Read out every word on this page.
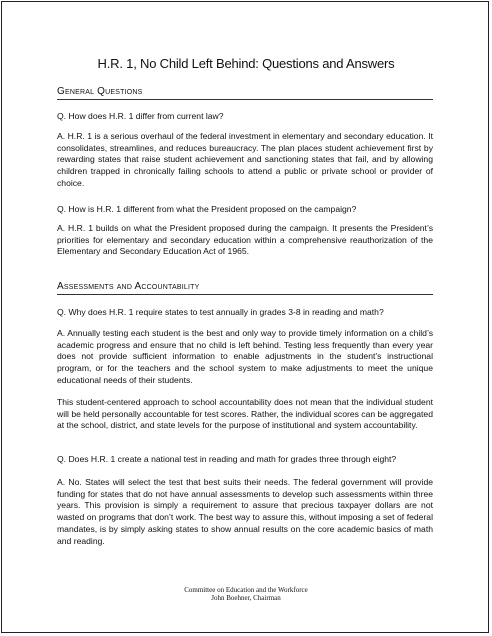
H.R. 1, No Child Left Behind: Questions and Answers
General Questions
Q. How does H.R. 1 differ from current law?
A. H.R. 1 is a serious overhaul of the federal investment in elementary and secondary education. It consolidates, streamlines, and reduces bureaucracy. The plan places student achievement first by rewarding states that raise student achievement and sanctioning states that fail, and by allowing children trapped in chronically failing schools to attend a public or private school or provider of choice.
Q. How is H.R. 1 different from what the President proposed on the campaign?
A. H.R. 1 builds on what the President proposed during the campaign. It presents the President’s priorities for elementary and secondary education within a comprehensive reauthorization of the Elementary and Secondary Education Act of 1965.
Assessments and Accountability
Q. Why does H.R. 1 require states to test annually in grades 3-8 in reading and math?
A. Annually testing each student is the best and only way to provide timely information on a child’s academic progress and ensure that no child is left behind. Testing less frequently than every year does not provide sufficient information to enable adjustments in the student’s instructional program, or for the teachers and the school system to make adjustments to meet the unique educational needs of their students.
This student-centered approach to school accountability does not mean that the individual student will be held personally accountable for test scores. Rather, the individual scores can be aggregated at the school, district, and state levels for the purpose of institutional and system accountability.
Q. Does H.R. 1 create a national test in reading and math for grades three through eight?
A. No. States will select the test that best suits their needs. The federal government will provide funding for states that do not have annual assessments to develop such assessments within three years. This provision is simply a requirement to assure that precious taxpayer dollars are not wasted on programs that don’t work. The best way to assure this, without imposing a set of federal mandates, is by simply asking states to show annual results on the core academic basics of math and reading.
Committee on Education and the Workforce
John Boehner, Chairman
